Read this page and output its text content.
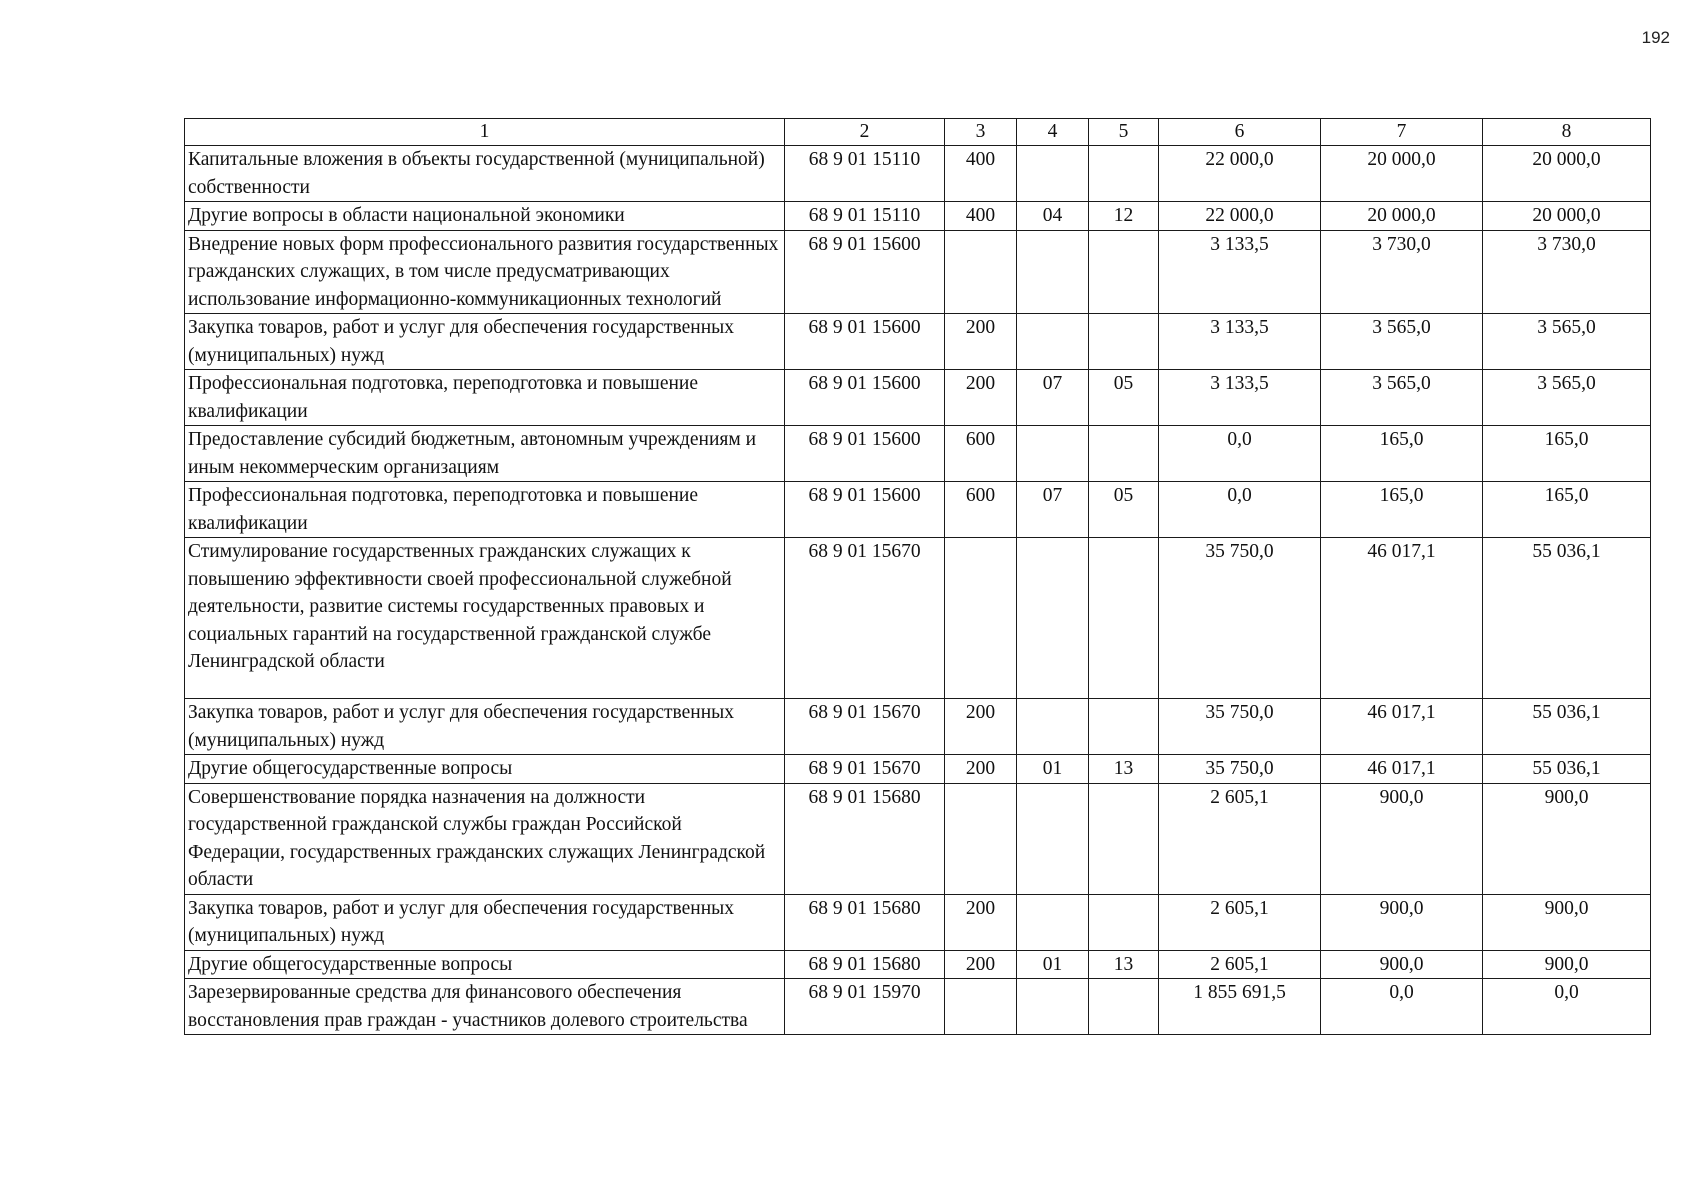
192
1	2	3	4	5	6	7	8
Капитальные вложения в объекты государственной (муниципальной) собственности	68 9 01 15110	400			22 000,0	20 000,0	20 000,0
Другие вопросы в области национальной экономики	68 9 01 15110	400	04	12	22 000,0	20 000,0	20 000,0
Внедрение новых форм профессионального развития государственных гражданских служащих, в том числе предусматривающих использование информационно-коммуникационных технологий	68 9 01 15600				3 133,5	3 730,0	3 730,0
Закупка товаров, работ и услуг для обеспечения государственных (муниципальных) нужд	68 9 01 15600	200			3 133,5	3 565,0	3 565,0
Профессиональная подготовка, переподготовка и повышение квалификации	68 9 01 15600	200	07	05	3 133,5	3 565,0	3 565,0
Предоставление субсидий бюджетным, автономным учреждениям и иным некоммерческим организациям	68 9 01 15600	600			0,0	165,0	165,0
Профессиональная подготовка, переподготовка и повышение квалификации	68 9 01 15600	600	07	05	0,0	165,0	165,0
Стимулирование государственных гражданских служащих к повышению эффективности своей профессиональной служебной деятельности, развитие системы государственных правовых и социальных гарантий на государственной гражданской службе Ленинградской области	68 9 01 15670				35 750,0	46 017,1	55 036,1
Закупка товаров, работ и услуг для обеспечения государственных (муниципальных) нужд	68 9 01 15670	200			35 750,0	46 017,1	55 036,1
Другие общегосударственные вопросы	68 9 01 15670	200	01	13	35 750,0	46 017,1	55 036,1
Совершенствование порядка назначения на должности государственной гражданской службы граждан Российской Федерации, государственных гражданских служащих Ленинградской области	68 9 01 15680				2 605,1	900,0	900,0
Закупка товаров, работ и услуг для обеспечения государственных (муниципальных) нужд	68 9 01 15680	200			2 605,1	900,0	900,0
Другие общегосударственные вопросы	68 9 01 15680	200	01	13	2 605,1	900,0	900,0
Зарезервированные средства для финансового обеспечения восстановления прав граждан - участников долевого строительства	68 9 01 15970				1 855 691,5	0,0	0,0
